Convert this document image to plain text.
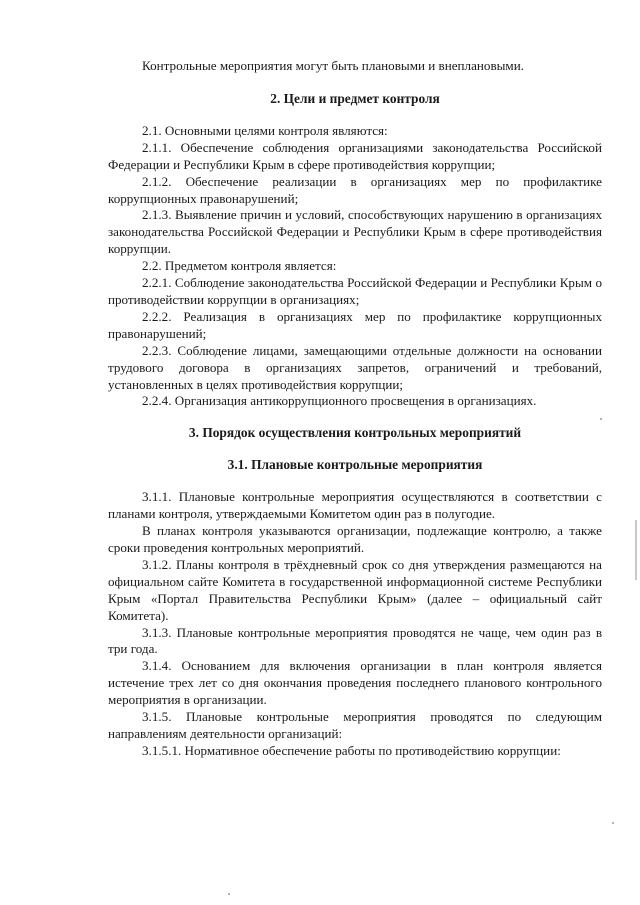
Контрольные мероприятия могут быть плановыми и внеплановыми.

2. Цели и предмет контроля

2.1. Основными целями контроля являются:

2.1.1. Обеспечение соблюдения организациями законодательства Российской Федерации и Республики Крым в сфере противодействия коррупции;

2.1.2. Обеспечение реализации в организациях мер по профилактике коррупционных правонарушений;

2.1.3. Выявление причин и условий, способствующих нарушению в организациях законодательства Российской Федерации и Республики Крым в сфере противодействия коррупции.

2.2. Предметом контроля является:

2.2.1. Соблюдение законодательства Российской Федерации и Республики Крым о противодействии коррупции в организациях;

2.2.2. Реализация в организациях мер по профилактике коррупционных правонарушений;

2.2.3. Соблюдение лицами, замещающими отдельные должности на основании трудового договора в организациях запретов, ограничений и требований, установленных в целях противодействия коррупции;

2.2.4. Организация антикоррупционного просвещения в организациях.

3. Порядок осуществления контрольных мероприятий
3.1. Плановые контрольные мероприятия

3.1.1. Плановые контрольные мероприятия осуществляются в соответствии с планами контроля, утверждаемыми Комитетом один раз в полугодие.

В планах контроля указываются организации, подлежащие контролю, а также сроки проведения контрольных мероприятий.

3.1.2. Планы контроля в трёхдневный срок со дня утверждения размещаются на официальном сайте Комитета в государственной информационной системе Республики Крым «Портал Правительства Республики Крым» (далее – официальный сайт Комитета).

3.1.3. Плановые контрольные мероприятия проводятся не чаще, чем один раз в три года.

3.1.4. Основанием для включения организации в план контроля является истечение трех лет со дня окончания проведения последнего планового контрольного мероприятия в организации.

3.1.5. Плановые контрольные мероприятия проводятся по следующим направлениям деятельности организаций:

3.1.5.1. Нормативное обеспечение работы по противодействию коррупции:
